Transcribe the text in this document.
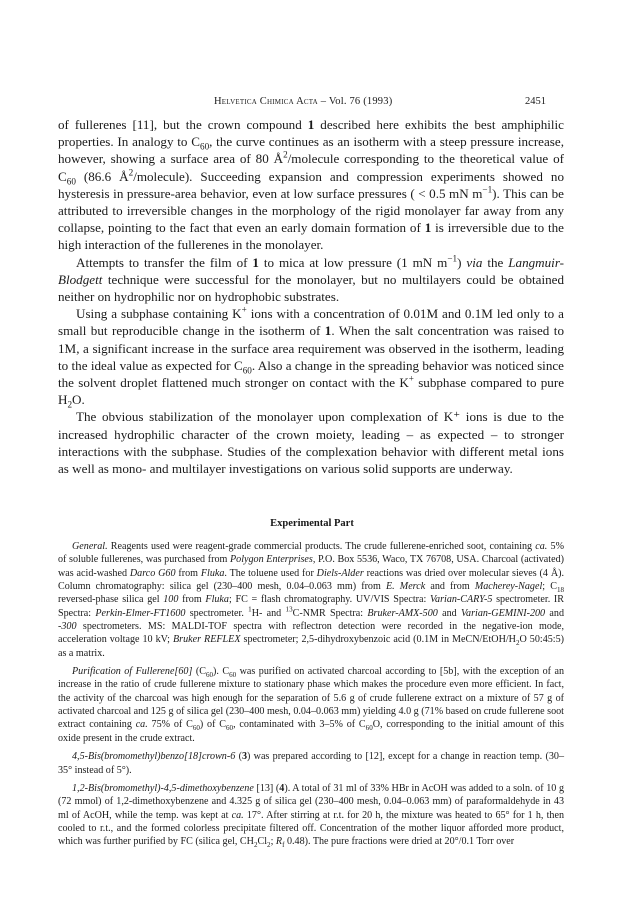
Helvetica Chimica Acta – Vol. 76 (1993)	2451

of fullerenes [11], but the crown compound 1 described here exhibits the best amphiphilic properties. In analogy to $C_{60}$, the curve continues as an isotherm with a steep pressure increase, however, showing a surface area of 80 $Å^2$/molecule corresponding to the theoretical value of $C_{60}$ (86.6 $Å^2/molecule$). Succeeding expansion and compression experiments showed no hysteresis in pressure-area behavior, even at low surface pressures ( < 0.5 mN $m^{-1}$). This can be attributed to irreversible changes in the morphology of the rigid monolayer far away from any collapse, pointing to the fact that even an early domain formation of 1 is irreversible due to the high interaction of the fullerenes in the monolayer.

Attempts to transfer the film of 1 to mica at low pressure (1 mN $m^{-1}$) via the Langmuir-Blodgett technique were successful for the monolayer, but no multilayers could be obtained neither on hydrophilic nor on hydrophobic substrates.

Using a subphase containing K+ ions with a concentration of 0.01M and 0.1M led only to a small but reproducible change in the isotherm of 1. When the salt concentration was raised to 1M, a significant increase in the surface area requirement was observed in the isotherm, leading to the ideal value as expected for $C_{60}$. Also a change in the spreading behavior was noticed since the solvent droplet flattened much stronger on contact with the K+ subphase compared to pure $H_2O$.

The obvious stabilization of the monolayer upon complexation of K⁺ ions is due to the increased hydrophilic character of the crown moiety, leading – as expected – to stronger interactions with the subphase. Studies of the complexation behavior with different metal ions as well as mono- and multilayer investigations on various solid supports are underway.

Experimental Part

General. Reagents used were reagent-grade commercial products. The crude fullerene-enriched soot, containing ca. 5% of soluble fullerenes, was purchased from Polygon Enterprises, P.O. Box 5536, Waco, TX 76708, USA. Charcoal (activated) was acid-washed Darco G60 from Fluka. The toluene used for Diels-Alder reactions was dried over molecular sieves (4 Å). Column chromatography: silica gel (230–400 mesh, 0.04–0.063 mm) from E. Merck and from Macherey-Nagel; $C_{18}$ reversed-phase silica gel 100 from Fluka; FC = flash chromatography. UV/VIS Spectra: Varian-CARY-5 spectrometer. IR Spectra: Perkin-Elmer-FT1600 spectrometer. $^1$H- and $^{13}$C-NMR Spectra: Bruker-AMX-500 and Varian-GEMINI-200 and -300 spectrometers. MS: MALDI-TOF spectra with reflectron detection were recorded in the negative-ion mode, acceleration voltage 10 kV; Bruker REFLEX spectrometer; 2,5-dihydroxybenzoic acid (0.1M in MeCN/$EtOH/H_2O$ 50:45:5) as a matrix.

Purification of Fullerene[60] $(C_{60})$. $C_{60}$ was purified on activated charcoal according to [5b], with the exception of an increase in the ratio of crude fullerene mixture to stationary phase which makes the procedure even more efficient. In fact, the activity of the charcoal was high enough for the separation of 5.6 g of crude fullerene extract on a mixture of 57 g of activated charcoal and 125 g of silica gel (230–400 mesh, 0.04–0.063 mm) yielding 4.0 g (71% based on crude fullerene soot extract containing ca. 75% of $C_{60}$) of $C_{60}$, contaminated with 3–5% of $C_{60}O$, corresponding to the initial amount of this oxide present in the crude extract.

4,5-Bis(bromomethyl)benzo[18]crown-6 (3) was prepared according to [12], except for a change in reaction temp. (30–35° instead of 5°).

1,2-Bis(bromomethyl)-4,5-dimethoxybenzene [13] (4). A total of 31 ml of 33% HBr in AcOH was added to a soln. of 10 g (72 mmol) of 1,2-dimethoxybenzene and 4.325 g of silica gel (230–400 mesh, 0.04–0.063 mm) of paraformaldehyde in 43 ml of AcOH, while the temp. was kept at ca. 17°. After stirring at r.t. for 20 h, the mixture was heated to 65° for 1 h, then cooled to r.t., and the formed colorless precipitate filtered off. Concentration of the mother liquor afforded more product, which was further purified by FC (silica gel, $CH_2Cl_2$; $R_f$ 0.48). The pure fractions were dried at 20°/0.1 Torr over
